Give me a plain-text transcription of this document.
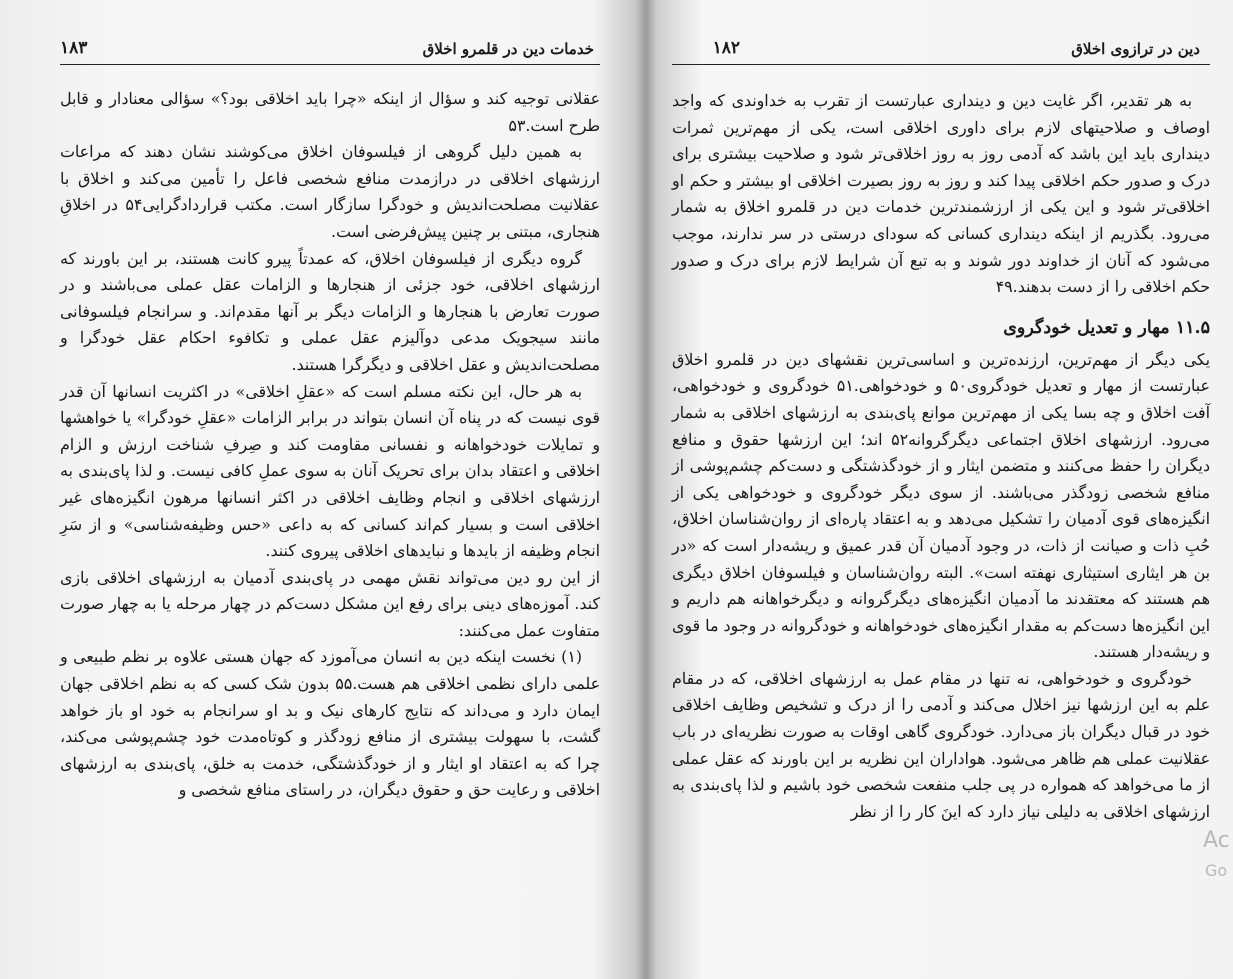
خدمات دین در قلمرو اخلاق
۱۸۳

عقلانی توجیه کند و سؤال از اینکه «چرا باید اخلاقی بود؟» سؤالی معنادار و قابل طرح است.۵۳

به همین دلیل گروهی از فیلسوفان اخلاق می‌کوشند نشان دهند که مراعات ارزشهای اخلاقی در درازمدت منافع شخصی فاعل را تأمین می‌کند و اخلاق با عقلانیت مصلحت‌اندیش و خودگرا سازگار است. مکتب قراردادگرایی۵۴ در اخلاقِ هنجاری، مبتنی بر چنین پیش‌فرضی است.

گروه دیگری از فیلسوفان اخلاق، که عمدتاً پیرو کانت هستند، بر این باورند که ارزشهای اخلاقی، خود جزئی از هنجارها و الزامات عقل عملی می‌باشند و در صورت تعارض با هنجارها و الزامات دیگر بر آنها مقدم‌اند. و سرانجام فیلسوفانی مانند سیجویک مدعی دوآلیزم عقل عملی و تکافوء احکام عقل خودگرا و مصلحت‌اندیش و عقل اخلاقی و دیگرگرا هستند.

به هر حال، این نکته مسلم است که «عقلِ اخلاقی» در اکثریت انسانها آن قدر قوی نیست که در پناه آن انسان بتواند در برابر الزامات «عقلِ خودگرا» یا خواهشها و تمایلات خودخواهانه و نفسانی مقاومت کند و صِرفِ شناخت ارزش و الزام اخلاقی و اعتقاد بدان برای تحریک آنان به سوی عملِ کافی نیست. و لذا پای‌بندی به ارزشهای اخلاقی و انجام وظایف اخلاقی در اکثر انسانها مرهون انگیزه‌های غیر اخلاقی است و بسیار کم‌اند کسانی که به داعی «حس وظیفه‌شناسی» و از سَرِ انجام وظیفه از بایدها و نبایدهای اخلاقی پیروی کنند.

از این رو دین می‌تواند نقش مهمی در پای‌بندی آدمیان به ارزشهای اخلاقی بازی کند. آموزه‌های دینی برای رفع این مشکل دست‌کم در چهار مرحله یا به چهار صورت متفاوت عمل می‌کنند:

(۱) نخست اینکه دین به انسان می‌آموزد که جهان هستی علاوه بر نظم طبیعی و علمی دارای نظمی اخلاقی هم هست.۵۵ بدون شک کسی که به نظم اخلاقی جهان ایمان دارد و می‌داند که نتایج کارهای نیک و بد او سرانجام به خود او باز خواهد گشت، با سهولت بیشتری از منافع زودگذر و کوتاه‌مدت خود چشم‌پوشی می‌کند، چرا که به اعتقاد او ایثار و از خودگذشتگی، خدمت به خلق، پای‌بندی به ارزشهای اخلاقی و رعایت حق و حقوق دیگران، در راستای منافع شخصی و

دین در ترازوی اخلاق
۱۸۲

به هر تقدیر، اگر غایت دین و دینداری عبارتست از تقرب به خداوندی که واجد اوصاف و صلاحیتهای لازم برای داوری اخلاقی است، یکی از مهم‌ترین ثمرات دینداری باید این باشد که آدمی روز به روز اخلاقی‌تر شود و صلاحیت بیشتری برای درک و صدور حکم اخلاقی پیدا کند و روز به روز بصیرت اخلاقی او بیشتر و حکم او اخلاقی‌تر شود و این یکی از ارزشمندترین خدمات دین در قلمرو اخلاق به شمار می‌رود. بگذریم از اینکه دینداری کسانی که سودای درستی در سر ندارند، موجب می‌شود که آنان از خداوند دور شوند و به تبع آن شرایط لازم برای درک و صدور حکم اخلاقی را از دست بدهند.۴۹

۱۱.۵ مهار و تعدیل خودگروی

یکی دیگر از مهم‌ترین، ارزنده‌ترین و اساسی‌ترین نقشهای دین در قلمرو اخلاق عبارتست از مهار و تعدیل خودگروی۵۰ و خودخواهی.۵۱ خودگروی و خودخواهی، آفت اخلاق و چه بسا یکی از مهم‌ترین موانع پای‌بندی به ارزشهای اخلاقی به شمار می‌رود. ارزشهای اخلاق اجتماعی دیگرگروانه۵۲ اند؛ این ارزشها حقوق و منافع دیگران را حفظ می‌کنند و متضمن ایثار و از خودگذشتگی و دست‌کم چشم‌پوشی از منافع شخصی زودگذر می‌باشند. از سوی دیگر خودگروی و خودخواهی یکی از انگیزه‌های قوی آدمیان را تشکیل می‌دهد و به اعتقاد پاره‌ای از روان‌شناسان اخلاق، حُبِ ذات و صیانت از ذات، در وجود آدمیان آن قدر عمیق و ریشه‌دار است که «در بن هر ایثاری استیثاری نهفته است». البته روان‌شناسان و فیلسوفان اخلاق دیگری هم هستند که معتقدند ما آدمیان انگیزه‌های دیگرگروانه و دیگرخواهانه هم داریم و این انگیزه‌ها دست‌کم به مقدار انگیزه‌های خودخواهانه و خودگروانه در وجود ما قوی و ریشه‌دار هستند.

خودگروی و خودخواهی، نه تنها در مقام عمل به ارزشهای اخلاقی، که در مقام علم به این ارزشها نیز اخلال می‌کند و آدمی را از درک و تشخیص وظایف اخلاقی خود در قبال دیگران باز می‌دارد. خودگروی گاهی اوقات به صورت نظریه‌ای در باب عقلانیت عملی هم ظاهر می‌شود. هواداران این نظریه بر این باورند که عقل عملی از ما می‌خواهد که همواره در پی جلب منفعت شخصی خود باشیم و لذا پای‌بندی به ارزشهای اخلاقی به دلیلی نیاز دارد که اینَ کار را از نظر

Ac
Go
